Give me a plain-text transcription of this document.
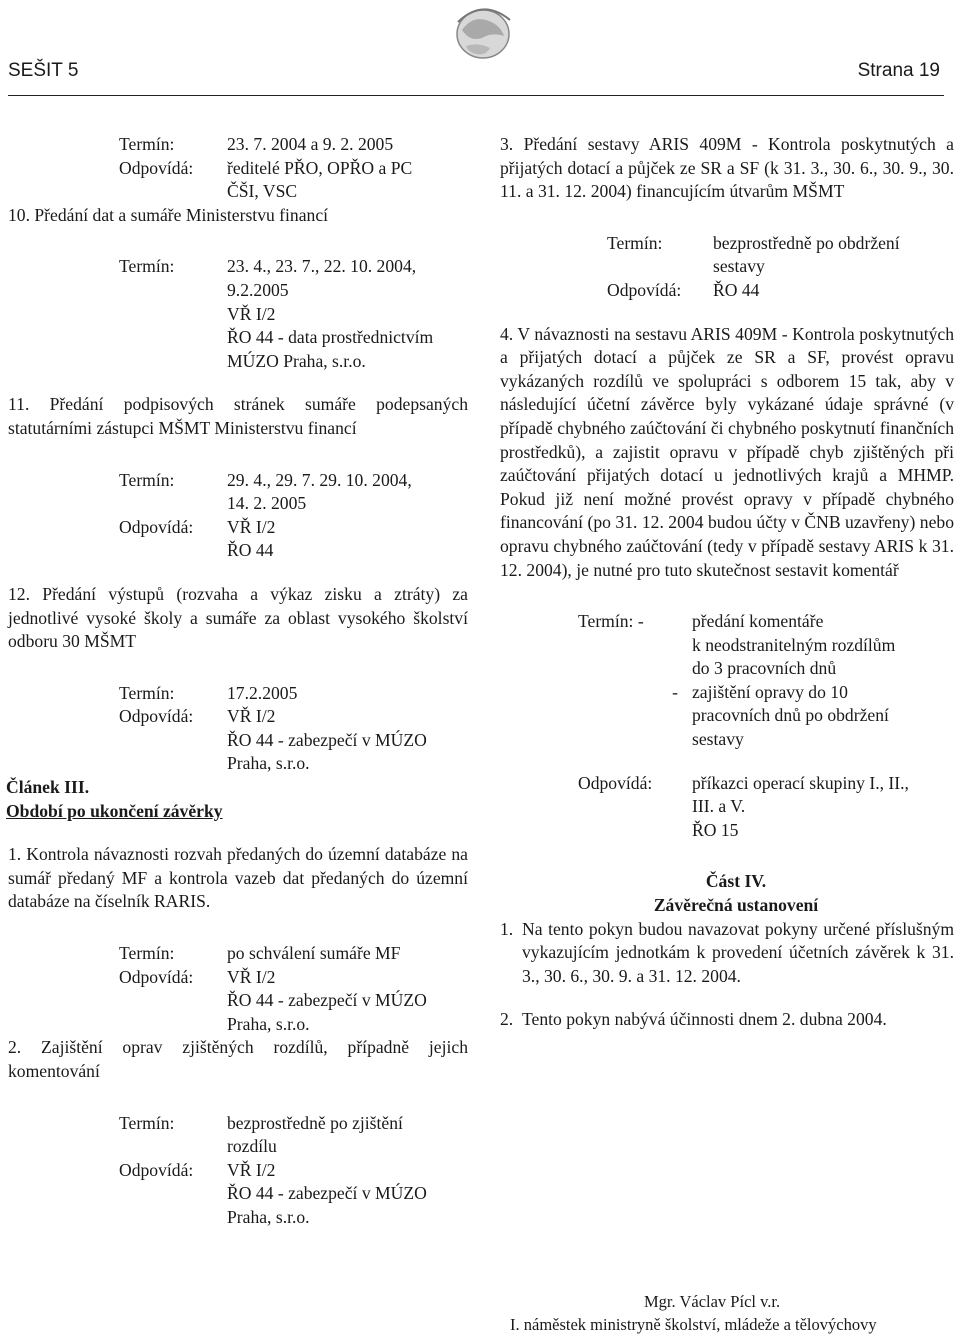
SEŠIT 5	Strana 19
Termín:	23. 7. 2004 a 9. 2. 2005
Odpovídá:	ředitelé PŘO, OPŘO a PC

ČŠI, VSC

10. Předání dat a sumáře Ministerstvu financí
Termín:	23. 4., 23. 7., 22. 10. 2004,

9.2.2005

VŘ I/2

ŘO 44 - data prostřednictvím

MÚZO Praha, s.r.o.

11. Předání podpisových stránek sumáře podepsaných statutárními zástupci MŠMT Ministerstvu financí
Termín:	29. 4., 29. 7. 29. 10. 2004,

14. 2. 2005

Odpovídá:	VŘ I/2

ŘO 44

12. Předání výstupů (rozvaha a výkaz zisku a ztráty) za jednotlivé vysoké školy a sumáře za oblast vysokého školství odboru 30 MŠMT
Termín:	17.2.2005
Odpovídá:	VŘ I/2

ŘO 44 - zabezpečí v MÚZO

Praha, s.r.o.

Článek III.
Období po ukončení závěrky
1. Kontrola návaznosti rozvah předaných do územní databáze na sumář předaný MF a kontrola vazeb dat předaných do územní databáze na číselník RARIS.
Termín:	po schválení sumáře MF
Odpovídá:	VŘ I/2

ŘO 44 - zabezpečí v MÚZO

Praha, s.r.o.

2. Zajištění oprav zjištěných rozdílů, případně jejich komentování
Termín:	bezprostředně po zjištění

rozdílu

Odpovídá:	VŘ I/2

ŘO 44 - zabezpečí v MÚZO

Praha, s.r.o.

3. Předání sestavy ARIS 409M - Kontrola poskytnutých a přijatých dotací a půjček ze SR a SF (k 31. 3., 30. 6., 30. 9., 30. 11. a 31. 12. 2004) financujícím útvarům MŠMT
Termín:	bezprostředně po obdržení

sestavy

Odpovídá:	ŘO 44
4. V návaznosti na sestavu ARIS 409M - Kontrola poskytnutých a přijatých dotací a půjček ze SR a SF, provést opravu vykázaných rozdílů ve spolupráci s odborem 15 tak, aby v následující účetní závěrce byly vykázané údaje správné (v případě chybného zaúčtování či chybného poskytnutí finančních prostředků), a zajistit opravu v případě chyb zjištěných při zaúčtování přijatých dotací u jednotlivých krajů a MHMP. Pokud již není možné provést opravy v případě chybného financování (po 31. 12. 2004 budou účty v ČNB uzavřeny) nebo opravu chybného zaúčtování (tedy v případě sestavy ARIS k 31. 12. 2004), je nutné pro tuto skutečnost sestavit komentář
Termín: -	předání komentáře

k neodstranitelným rozdílům

do 3 pracovních dnů

- zajištění opravy do 10

pracovních dnů po obdržení

sestavy

Odpovídá:	příkazci operací skupiny I., II.,

III. a V.

ŘO 15

Část IV.
Závěrečná ustanovení
1. Na tento pokyn budou navazovat pokyny určené příslušným vykazujícím jednotkám k provedení účetních závěrek k 31. 3., 30. 6., 30. 9. a 31. 12. 2004.
2. Tento pokyn nabývá účinnosti dnem 2. dubna 2004.
Mgr. Václav Pícl v.r.
I. náměstek ministryně školství, mládeže a tělovýchovy
